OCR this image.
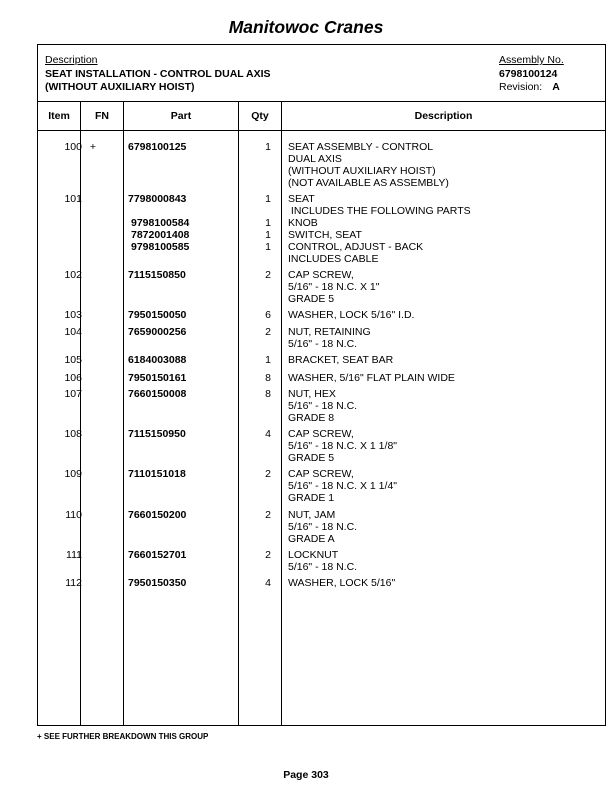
Manitowoc Cranes
Description
SEAT INSTALLATION - CONTROL DUAL AXIS
(WITHOUT AUXILIARY HOIST)
Assembly No.
6798100124
Revision: A
Item	FN	Part	Qty	Description
100 +	6798100125	1 SEAT ASSEMBLY - CONTROL
DUAL AXIS
(WITHOUT AUXILIARY HOIST)
(NOT AVAILABLE AS ASSEMBLY)
101	7798000843	1 SEAT
INCLUDES THE FOLLOWING PARTS
9798100584	1 KNOB
7872001408	1 SWITCH, SEAT
9798100585	1 CONTROL, ADJUST - BACK
INCLUDES CABLE
102	7115150850	2 CAP SCREW,
5/16" - 18 N.C. X 1"
GRADE 5
103	7950150050	6 WASHER, LOCK 5/16" I.D.
104	7659000256	2 NUT, RETAINING
5/16" - 18 N.C.
105	6184003088	1 BRACKET, SEAT BAR
106	7950150161	8 WASHER, 5/16" FLAT PLAIN WIDE
107	7660150008	8 NUT, HEX
5/16" - 18 N.C.
GRADE 8
108	7115150950	4 CAP SCREW,
5/16" - 18 N.C. X 1 1/8"
GRADE 5
109	7110151018	2 CAP SCREW,
5/16" - 18 N.C. X 1 1/4"
GRADE 1
110	7660150200	2 NUT, JAM
5/16" - 18 N.C.
GRADE A
111	7660152701	2 LOCKNUT
5/16" - 18 N.C.
112	7950150350	4 WASHER, LOCK 5/16"
+ SEE FURTHER BREAKDOWN THIS GROUP
Page 303
